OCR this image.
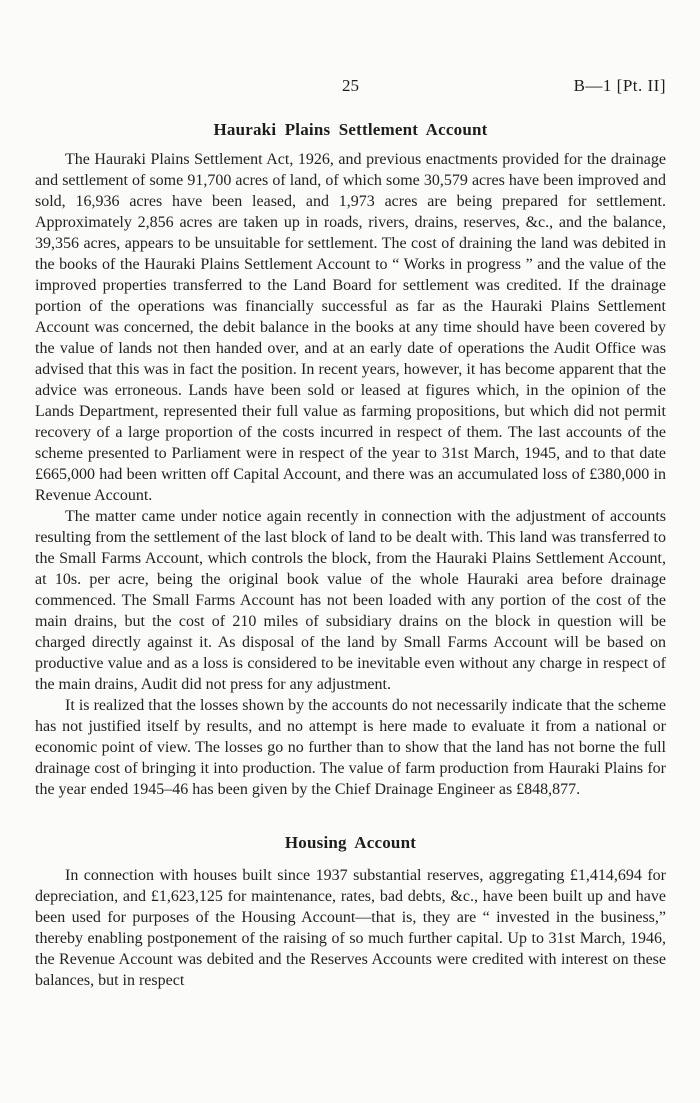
25	B—1 [Pt. II]
Hauraki Plains Settlement Account

The Hauraki Plains Settlement Act, 1926, and previous enactments provided for the drainage and settlement of some 91,700 acres of land, of which some 30,579 acres have been improved and sold, 16,936 acres have been leased, and 1,973 acres are being prepared for settlement. Approximately 2,856 acres are taken up in roads, rivers, drains, reserves, &c., and the balance, 39,356 acres, appears to be unsuitable for settlement. The cost of draining the land was debited in the books of the Hauraki Plains Settlement Account to “ Works in progress ” and the value of the improved properties transferred to the Land Board for settlement was credited. If the drainage portion of the operations was financially successful as far as the Hauraki Plains Settlement Account was concerned, the debit balance in the books at any time should have been covered by the value of lands not then handed over, and at an early date of operations the Audit Office was advised that this was in fact the position. In recent years, however, it has become apparent that the advice was erroneous. Lands have been sold or leased at figures which, in the opinion of the Lands Department, represented their full value as farming propositions, but which did not permit recovery of a large proportion of the costs incurred in respect of them. The last accounts of the scheme presented to Parliament were in respect of the year to 31st March, 1945, and to that date £665,000 had been written off Capital Account, and there was an accumulated loss of £380,000 in Revenue Account.

The matter came under notice again recently in connection with the adjustment of accounts resulting from the settlement of the last block of land to be dealt with. This land was transferred to the Small Farms Account, which controls the block, from the Hauraki Plains Settlement Account, at 10s. per acre, being the original book value of the whole Hauraki area before drainage commenced. The Small Farms Account has not been loaded with any portion of the cost of the main drains, but the cost of 210 miles of subsidiary drains on the block in question will be charged directly against it. As disposal of the land by Small Farms Account will be based on productive value and as a loss is considered to be inevitable even without any charge in respect of the main drains, Audit did not press for any adjustment.

It is realized that the losses shown by the accounts do not necessarily indicate that the scheme has not justified itself by results, and no attempt is here made to evaluate it from a national or economic point of view. The losses go no further than to show that the land has not borne the full drainage cost of bringing it into production. The value of farm production from Hauraki Plains for the year ended 1945–46 has been given by the Chief Drainage Engineer as £848,877.

Housing Account

In connection with houses built since 1937 substantial reserves, aggregating £1,414,694 for depreciation, and £1,623,125 for maintenance, rates, bad debts, &c., have been built up and have been used for purposes of the Housing Account—that is, they are “ invested in the business,” thereby enabling postponement of the raising of so much further capital. Up to 31st March, 1946, the Revenue Account was debited and the Reserves Accounts were credited with interest on these balances, but in respect
